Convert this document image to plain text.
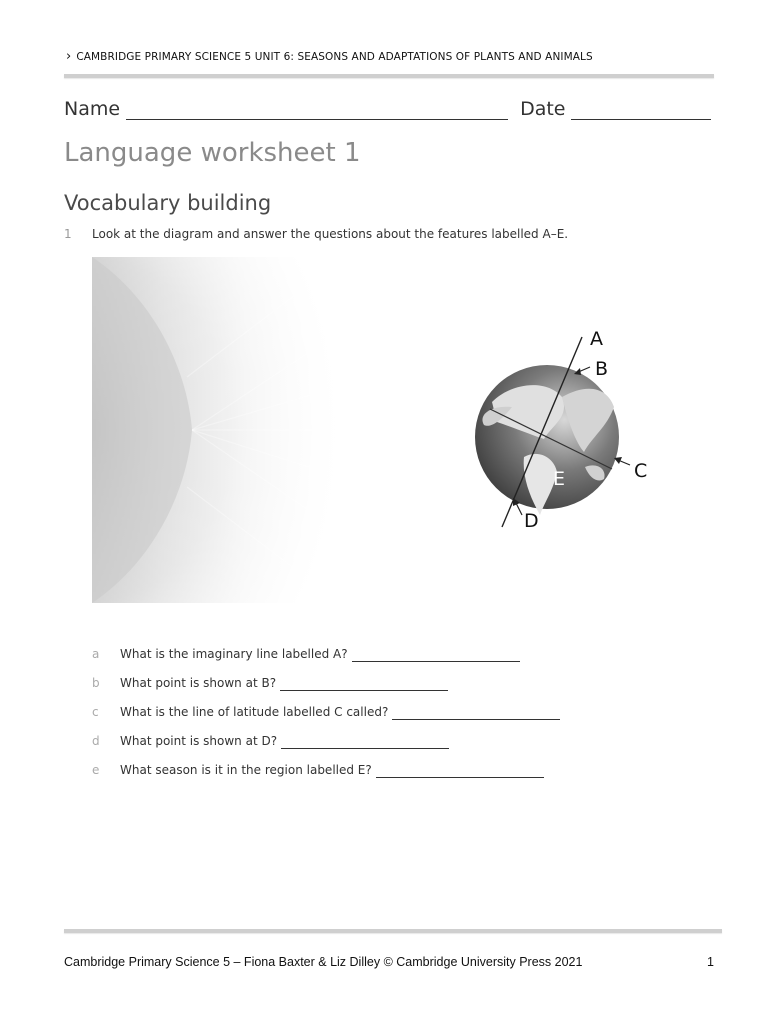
› CAMBRIDGE PRIMARY SCIENCE 5 UNIT 6: SEASONS AND ADAPTATIONS OF PLANTS AND ANIMALS
Name	Date
Language worksheet 1
Vocabulary building
1 Look at the diagram and answer the questions about the features labelled A–E.
A
B
C
D
E
a	What is the imaginary line labelled A?
b	What point is shown at B?
c	What is the line of latitude labelled C called?
d	What point is shown at D?
e	What season is it in the region labelled E?
Cambridge Primary Science 5 – Fiona Baxter & Liz Dilley © Cambridge University Press 2021	1
